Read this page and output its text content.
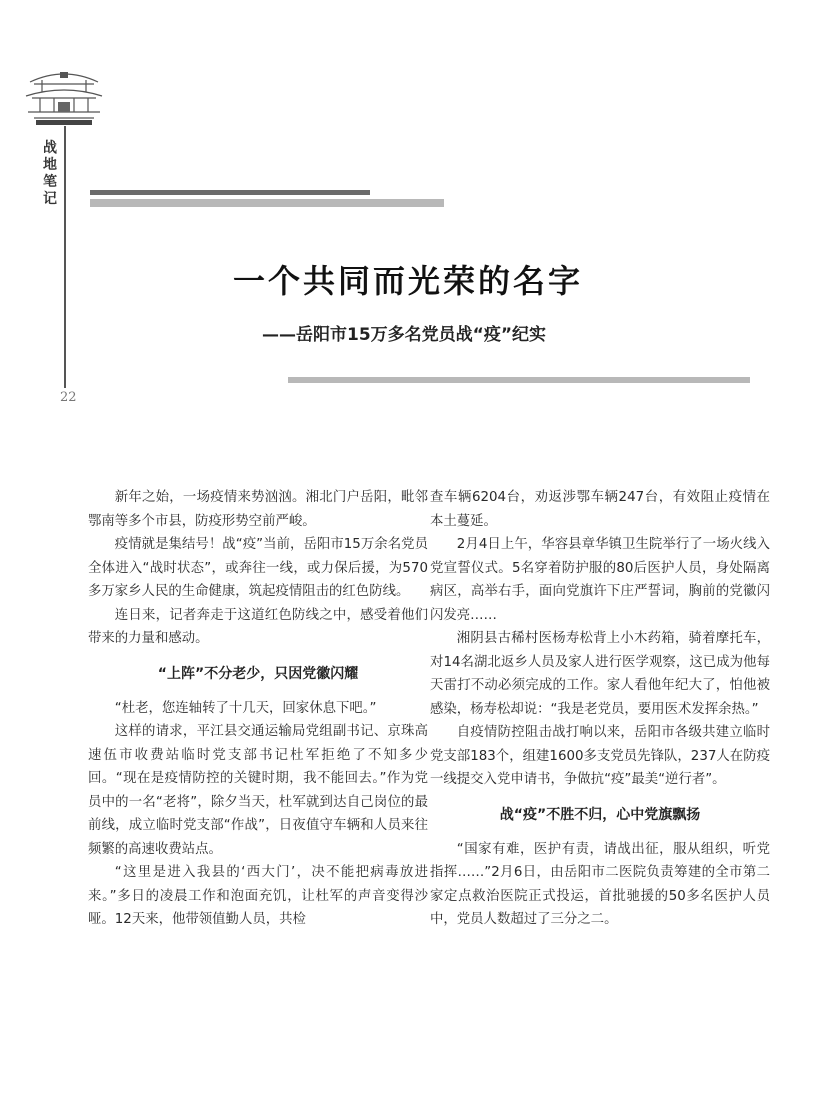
战地笔记
22
一个共同而光荣的名字
——岳阳市15万多名党员战“疫”纪实

新年之始，一场疫情来势汹汹。湘北门户岳阳，毗邻鄂南等多个市县，防疫形势空前严峻。

疫情就是集结号！战“疫”当前，岳阳市15万余名党员全体进入“战时状态”，或奔往一线，或力保后援，为570多万家乡人民的生命健康，筑起疫情阻击的红色防线。

连日来，记者奔走于这道红色防线之中，感受着他们带来的力量和感动。

“上阵”不分老少，只因党徽闪耀

“杜老，您连轴转了十几天，回家休息下吧。”

这样的请求，平江县交通运输局党组副书记、京珠高速伍市收费站临时党支部书记杜军拒绝了不知多少回。“现在是疫情防控的关键时期，我不能回去。”作为党员中的一名“老将”，除夕当天，杜军就到达自己岗位的最前线，成立临时党支部“作战”，日夜值守车辆和人员来往频繁的高速收费站点。

“这里是进入我县的‘西大门’，决不能把病毒放进来。”多日的凌晨工作和泡面充饥，让杜军的声音变得沙哑。12天来，他带领值勤人员，共检

查车辆6204台，劝返涉鄂车辆247台，有效阻止疫情在本土蔓延。

2月4日上午，华容县章华镇卫生院举行了一场火线入党宣誓仪式。5名穿着防护服的80后医护人员，身处隔离病区，高举右手，面向党旗许下庄严誓词，胸前的党徽闪闪发亮……

湘阴县古稀村医杨寿松背上小木药箱，骑着摩托车，对14名湖北返乡人员及家人进行医学观察，这已成为他每天雷打不动必须完成的工作。家人看他年纪大了，怕他被感染，杨寿松却说：“我是老党员，要用医术发挥余热。”

自疫情防控阻击战打响以来，岳阳市各级共建立临时党支部183个，组建1600多支党员先锋队，237人在防疫一线提交入党申请书，争做抗“疫”最美“逆行者”。

战“疫”不胜不归，心中党旗飘扬

“国家有难，医护有责，请战出征，服从组织，听党指挥……”2月6日，由岳阳市二医院负责筹建的全市第二家定点救治医院正式投运，首批驰援的50多名医护人员中，党员人数超过了三分之二。
